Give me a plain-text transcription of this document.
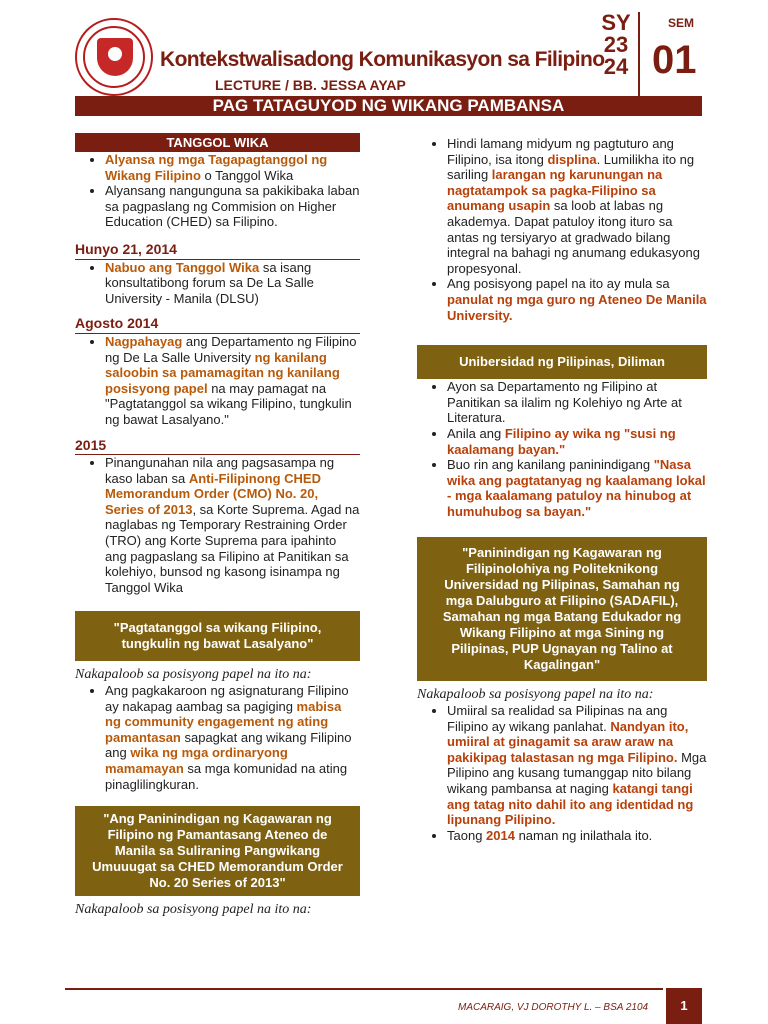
Kontekstwalisadong Komunikasyon sa Filipino
LECTURE / BB. JESSA AYAP
SY
23
24
SEM
01
PAG TATAGUYOD NG WIKANG PAMBANSA
TANGGOL WIKA
• Alyansa ng mga Tagapagtanggol ng Wikang Filipino o Tanggol Wika
• Alyansang nangunguna sa pakikibaka laban sa pagpaslang ng Commision on Higher Education (CHED) sa Filipino.
Hunyo 21, 2014
• Nabuo ang Tanggol Wika sa isang konsultatibong forum sa De La Salle University - Manila (DLSU)
Agosto 2014
• Nagpahayag ang Departamento ng Filipino ng De La Salle University ng kanilang saloobin sa pamamagitan ng kanilang posisyong papel na may pamagat na "Pagtatanggol sa wikang Filipino, tungkulin ng bawat Lasalyano."
2015
• Pinangunahan nila ang pagsasampa ng kaso laban sa Anti-Filipinong CHED Memorandum Order (CMO) No. 20, Series of 2013, sa Korte Suprema. Agad na naglabas ng Temporary Restraining Order (TRO) ang Korte Suprema para ipahinto ang pagpaslang sa Filipino at Panitikan sa kolehiyo, bunsod ng kasong isinampa ng Tanggol Wika
"Pagtatanggol sa wikang Filipino, tungkulin ng bawat Lasalyano"
Nakapaloob sa posisyong papel na ito na:
• Ang pagkakaroon ng asignaturang Filipino ay nakapag aambag sa pagiging mabisa ng community engagement ng ating pamantasan sapagkat ang wikang Filipino ang wika ng mga ordinaryong mamamayan sa mga komunidad na ating pinaglilingkuran.
"Ang Paninindigan ng Kagawaran ng Filipino ng Pamantasang Ateneo de Manila sa Suliraning Pangwikang Umuuugat sa CHED Memorandum Order No. 20 Series of 2013"
Nakapaloob sa posisyong papel na ito na:
• Hindi lamang midyum ng pagtuturo ang Filipino, isa itong displina. Lumilikha ito ng sariling larangan ng karunungan na nagtatampok sa pagka-Filipino sa anumang usapin sa loob at labas ng akademya. Dapat patuloy itong ituro sa antas ng tersiyaryo at gradwado bilang integral na bahagi ng anumang edukasyong propesyonal.
• Ang posisyong papel na ito ay mula sa panulat ng mga guro ng Ateneo De Manila University.
Unibersidad ng Pilipinas, Diliman
• Ayon sa Departamento ng Filipino at Panitikan sa ilalim ng Kolehiyo ng Arte at Literatura.
• Anila ang Filipino ay wika ng "susi ng kaalamang bayan."
• Buo rin ang kanilang paninindigang "Nasa wika ang pagtatanyag ng kaalamang lokal - mga kaalamang patuloy na hinubog at humuhubog sa bayan."
"Paninindigan ng Kagawaran ng Filipinolohiya ng Politeknikong Universidad ng Pilipinas, Samahan ng mga Dalubguro at Filipino (SADAFIL), Samahan ng mga Batang Edukador ng Wikang Filipino at mga Sining ng Pilipinas, PUP Ugnayan ng Talino at Kagalingan"
Nakapaloob sa posisyong papel na ito na:
• Umiiral sa realidad sa Pilipinas na ang Filipino ay wikang panlahat. Nandyan ito, umiiral at ginagamit sa araw araw na pakikipag talastasan ng mga Filipino. Mga Pilipino ang kusang tumanggap nito bilang wikang pambansa at naging katangi tangi ang tatag nito dahil ito ang identidad ng lipunang Pilipino.
• Taong 2014 naman ng inilathala ito.
MACARAIG, VJ DOROTHY L. – BSA 2104	1
